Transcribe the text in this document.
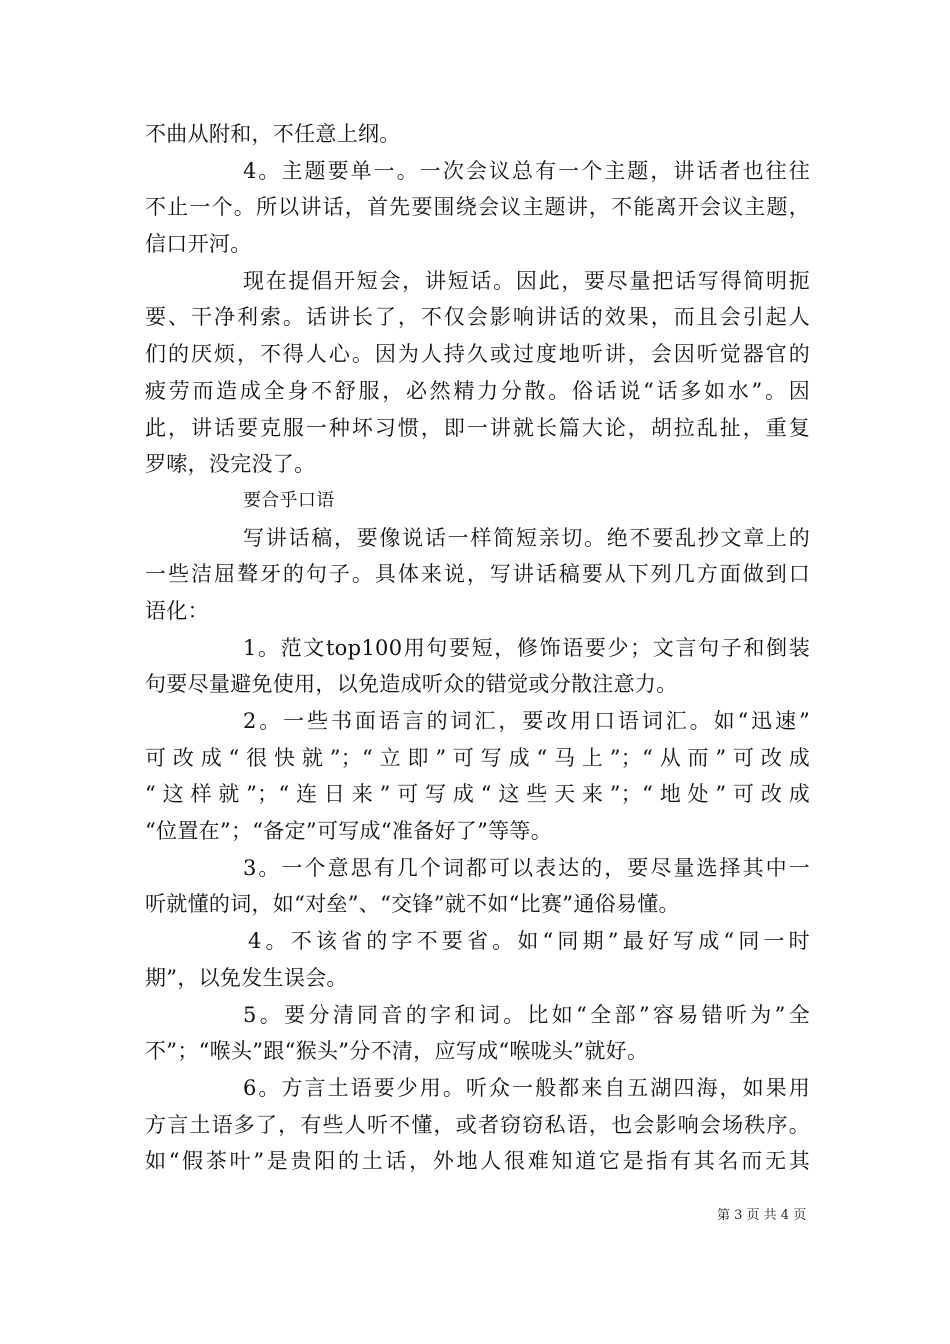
不曲从附和，不任意上纲。
4。主题要单一。一次会议总有一个主题，讲话者也往往
不止一个。所以讲话，首先要围绕会议主题讲，不能离开会议主题，
信口开河。
现在提倡开短会，讲短话。因此，要尽量把话写得简明扼
要、干净利索。话讲长了，不仅会影响讲话的效果，而且会引起人
们的厌烦，不得人心。因为人持久或过度地听讲，会因听觉器官的
疲劳而造成全身不舒服，必然精力分散。俗话说“话多如水”。因
此，讲话要克服一种坏习惯，即一讲就长篇大论，胡拉乱扯，重复
罗嗦，没完没了。
要合乎口语
写讲话稿，要像说话一样简短亲切。绝不要乱抄文章上的
一些洁屈聱牙的句子。具体来说，写讲话稿要从下列几方面做到口
语化：
1。范文top100用句要短，修饰语要少；文言句子和倒装
句要尽量避免使用，以免造成听众的错觉或分散注意力。
2。一些书面语言的词汇，要改用口语词汇。如“迅速”
可改成“很快就”；“立即”可写成“马上”；“从而”可改成
“这样就”；“连日来”可写成“这些天来”；“地处”可改成
“位置在”；“备定”可写成“准备好了”等等。
3。一个意思有几个词都可以表达的，要尽量选择其中一
听就懂的词，如“对垒”、“交锋”就不如“比赛”通俗易懂。
4。不该省的字不要省。如“同期”最好写成“同一时
期”，以免发生误会。
5。要分清同音的字和词。比如“全部”容易错听为”全
不”；“喉头”跟“猴头”分不清，应写成“喉咙头”就好。
6。方言土语要少用。听众一般都来自五湖四海，如果用
方言土语多了，有些人听不懂，或者窃窃私语，也会影响会场秩序。
如“假茶叶”是贵阳的土话，外地人很难知道它是指有其名而无其
第 3 页 共 4 页
